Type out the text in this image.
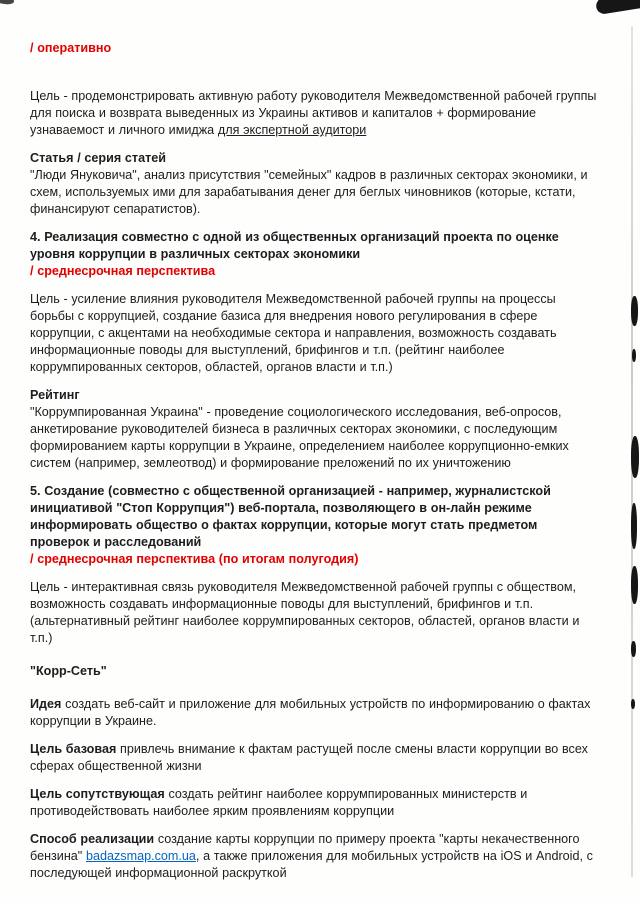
/ оперативно

Цель - продемонстрировать активную работу руководителя Межведомственной рабочей группы для поиска и возврата выведенных из Украины активов и капиталов + формирование узнаваемост и личного имиджа для экспертной аудитори

Статья / серия статей

"Люди Януковича", анализ присутствия "семейных" кадров в различных секторах экономики, и схем, используемых ими для зарабатывания денег для беглых чиновников (которые, кстати, финансируют сепаратистов).

4. Реализация совместно с одной из общественных организаций проекта по оценке уровня коррупции в различных секторах экономики

/ среднесрочная перспектива

Цель - усиление влияния руководителя Межведомственной рабочей группы на процессы борьбы с коррупцией, создание базиса для внедрения нового регулирования в сфере коррупции, с акцентами на необходимые сектора и направления, возможность создавать информационные поводы для выступлений, брифингов и т.п. (рейтинг наиболее коррумпированных секторов, областей, органов власти и т.п.)

Рейтинг

"Коррумпированная Украина" - проведение социологического исследования, веб-опросов, анкетирование руководителей бизнеса в различных секторах экономики, с последующим формированием карты коррупции в Украине, определением наиболее коррупционно-емких систем (например, землеотвод) и формирование преложений по их уничтожению

5. Создание (совместно с общественной организацией - например, журналистской инициативой "Стоп Коррупция") веб-портала, позволяющего в он-лайн режиме информировать общество о фактах коррупции, которые могут стать предметом проверок и расследований

/ среднесрочная перспектива (по итогам полугодия)

Цель - интерактивная связь руководителя Межведомственной рабочей группы с обществом, возможность создавать информационные поводы для выступлений, брифингов и т.п. (альтернативный рейтинг наиболее коррумпированных секторов, областей, органов власти и т.п.)

"Корр-Сеть"

Идея создать веб-сайт и приложение для мобильных устройств по информированию о фактах коррупции в Украине.

Цель базовая привлечь внимание к фактам растущей после смены власти коррупции во всех сферах общественной жизни

Цель сопутствующая создать рейтинг наиболее коррумпированных министерств и противодействовать наиболее ярким проявлениям коррупции

Способ реализации создание карты коррупции по примеру проекта "карты некачественного бензина" badazsmap.com.ua, а также приложения для мобильных устройств на iOS и Android, с последующей информационной раскруткой
